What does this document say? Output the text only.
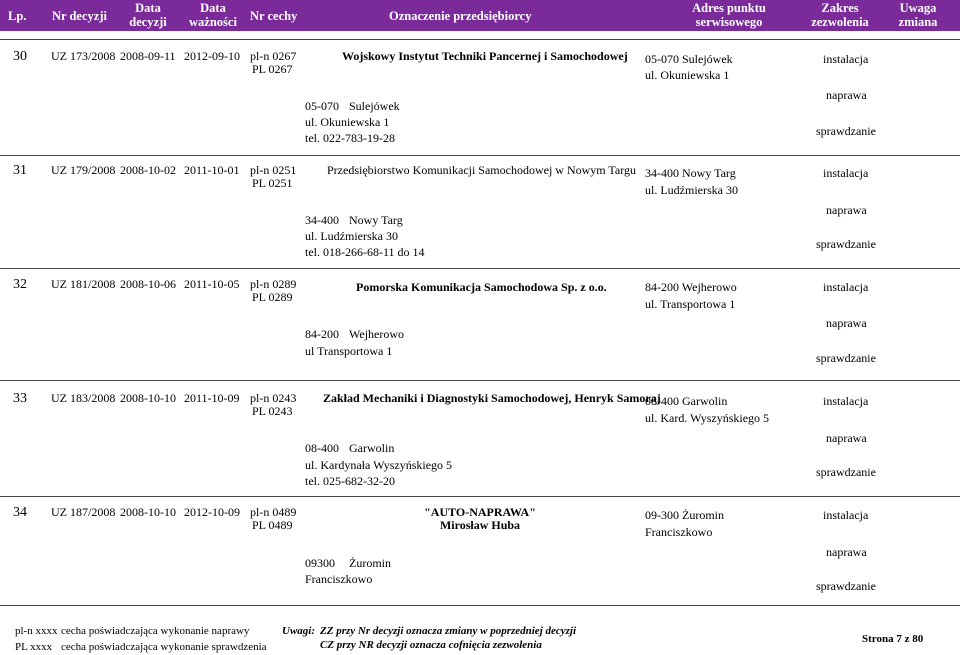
Lp. Nr decyzji
Data
decyzji
Data
ważności Nr cechy	Oznaczenie przedsiębiorcy
Adres punktu
serwisowego
Zakres
zezwolenia
Uwaga
zmiana
30 UZ 173/2008 2008-09-11 2012-09-10 pl-n 0267
PL 0267
Wojskowy Instytut Techniki Pancernej i Samochodowej
05-070 Sulejówek
ul. Okuniewska 1
tel. 022-783-19-28
05-070 Sulejówek
ul. Okuniewska 1
instalacja
naprawa
sprawdzanie
31 UZ 179/2008 2008-10-02 2011-10-01 pl-n 0251
PL 0251
Przedsiębiorstwo Komunikacji Samochodowej w Nowym Targu
34-400 Nowy Targ
ul. Ludźmierska 30
tel. 018-266-68-11 do 14
34-400 Nowy Targ
ul. Ludźmierska 30
instalacja
naprawa
sprawdzanie
32 UZ 181/2008 2008-10-06 2011-10-05 pl-n 0289
PL 0289
Pomorska Komunikacja Samochodowa Sp. z o.o.
84-200 Wejherowo
ul Transportowa 1
84-200 Wejherowo
ul. Transportowa 1
instalacja
naprawa
sprawdzanie
33 UZ 183/2008 2008-10-10 2011-10-09 pl-n 0243
PL 0243
Zakład Mechaniki i Diagnostyki Samochodowej, Henryk Samoraj
08-400 Garwolin
ul. Kardynała Wyszyńskiego 5
tel. 025-682-32-20
08-400 Garwolin
ul. Kard. Wyszyńskiego 5
instalacja
naprawa
sprawdzanie
34 UZ 187/2008 2008-10-10 2012-10-09 pl-n 0489
PL 0489
"AUTO-NAPRAWA"
Mirosław Huba
09300 Żuromin
Franciszkowo
09-300 Żuromin
Franciszkowo
instalacja
naprawa
sprawdzanie
pl-n xxxx cecha poświadczająca wykonanie naprawy
PL xxxx cecha poświadczająca wykonanie sprawdzenia
Uwagi: ZZ przy Nr decyzji oznacza zmiany w poprzedniej decyzji
CZ przy NR decyzji oznacza cofnięcia zezwolenia	Strona 7 z 80
